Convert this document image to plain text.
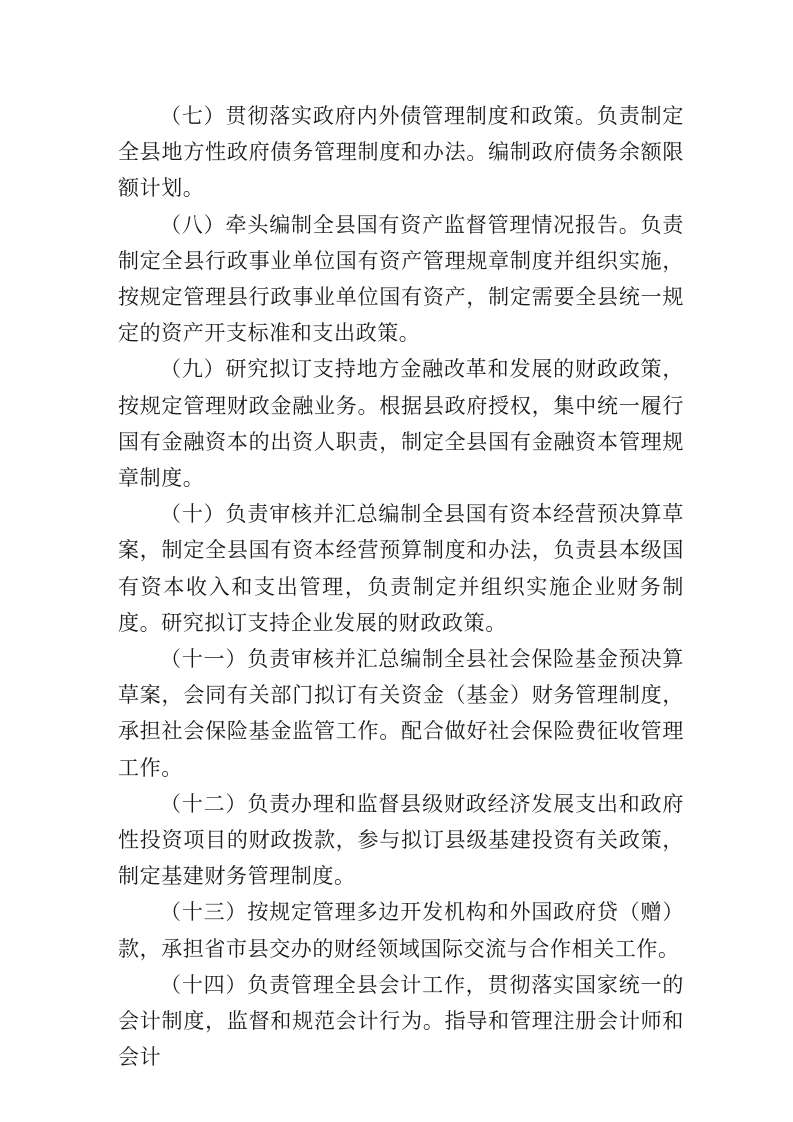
（七）贯彻落实政府内外债管理制度和政策。负责制定全县地方性政府债务管理制度和办法。编制政府债务余额限额计划。

（八）牵头编制全县国有资产监督管理情况报告。负责制定全县行政事业单位国有资产管理规章制度并组织实施，按规定管理县行政事业单位国有资产，制定需要全县统一规定的资产开支标准和支出政策。

（九）研究拟订支持地方金融改革和发展的财政政策，按规定管理财政金融业务。根据县政府授权，集中统一履行国有金融资本的出资人职责，制定全县国有金融资本管理规章制度。

（十）负责审核并汇总编制全县国有资本经营预决算草案，制定全县国有资本经营预算制度和办法，负责县本级国有资本收入和支出管理，负责制定并组织实施企业财务制度。研究拟订支持企业发展的财政政策。

（十一）负责审核并汇总编制全县社会保险基金预决算草案，会同有关部门拟订有关资金（基金）财务管理制度，承担社会保险基金监管工作。配合做好社会保险费征收管理工作。

（十二）负责办理和监督县级财政经济发展支出和政府性投资项目的财政拨款，参与拟订县级基建投资有关政策，制定基建财务管理制度。

（十三）按规定管理多边开发机构和外国政府贷（赠）款，承担省市县交办的财经领域国际交流与合作相关工作。

（十四）负责管理全县会计工作，贯彻落实国家统一的会计制度，监督和规范会计行为。指导和管理注册会计师和会计
